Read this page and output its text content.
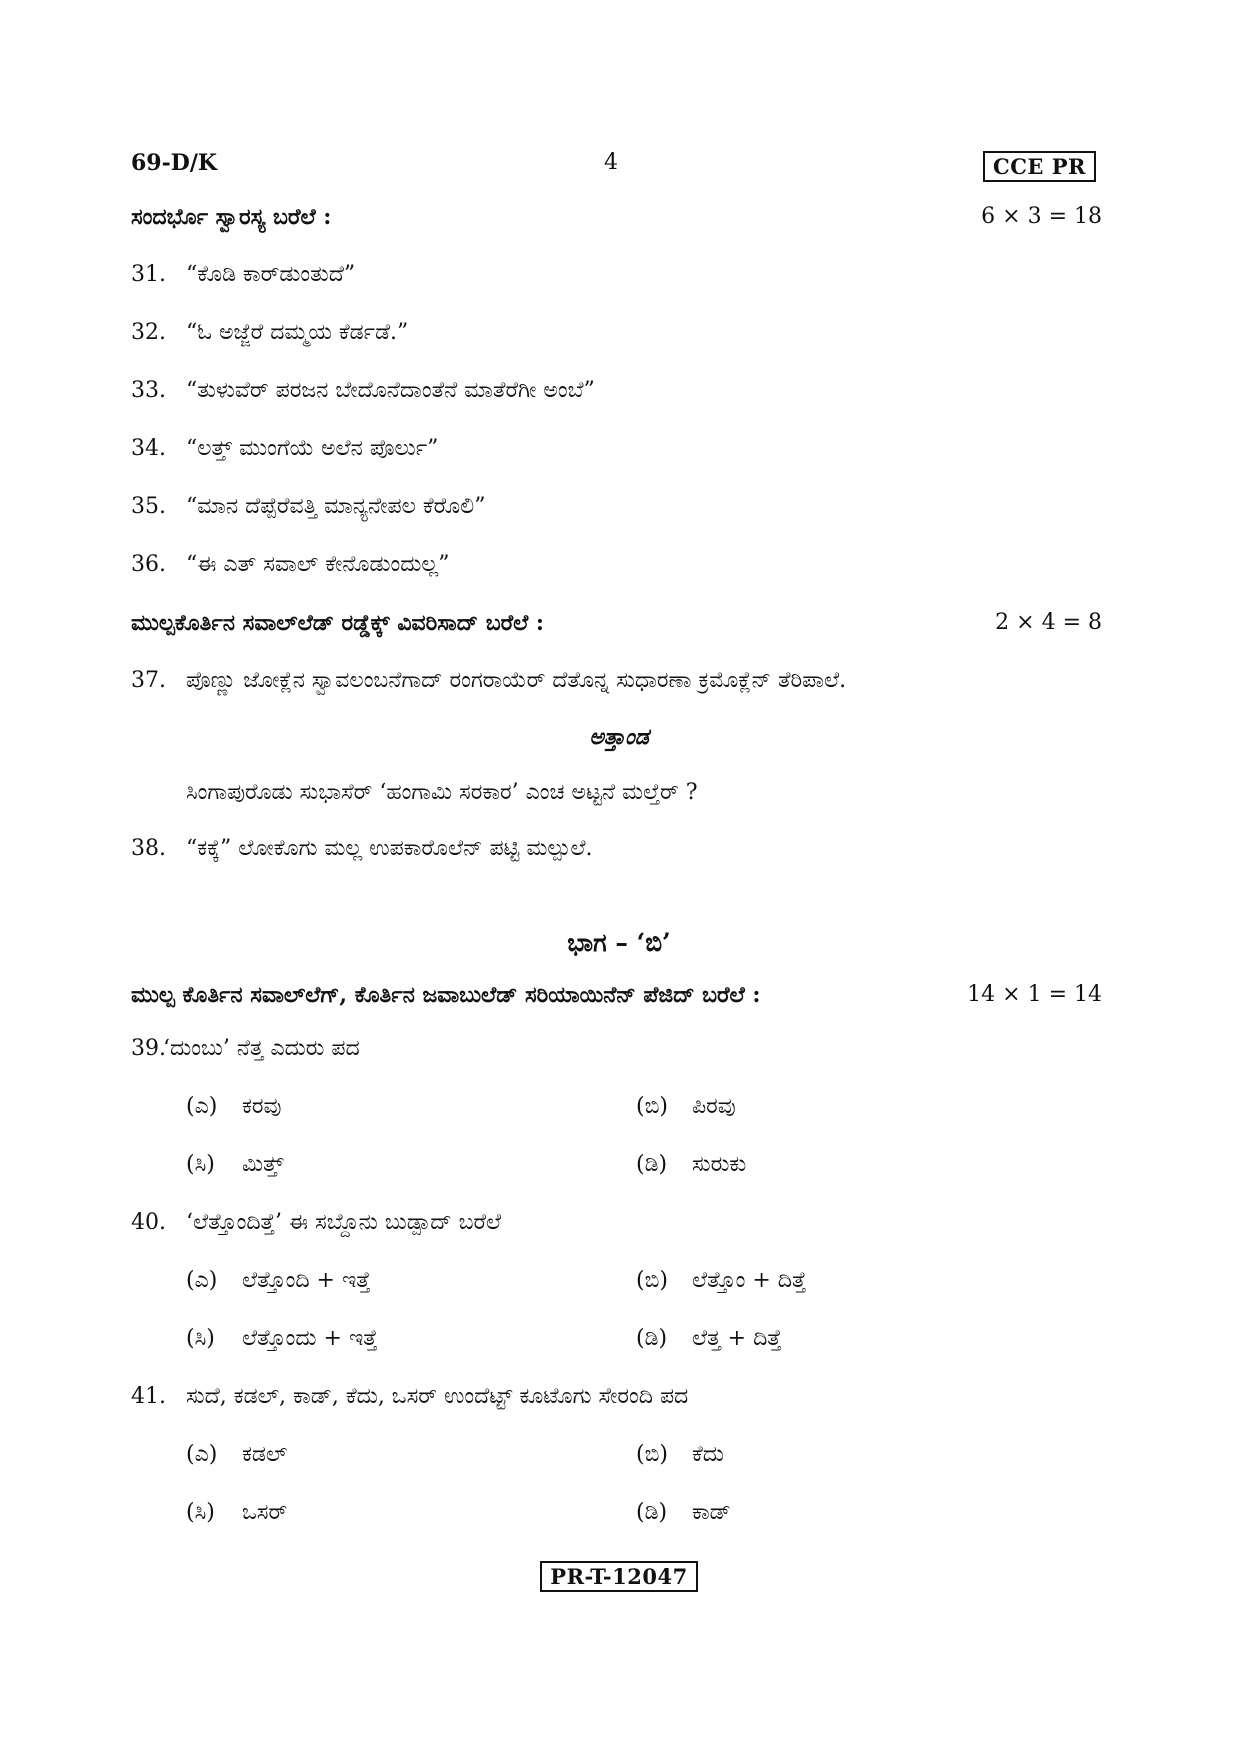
69-D/K	4	CCE PR
ಸಂದರ್ಭೊ ಸ್ವಾರಸ್ಯ ಬರೆಲೆ :	6 × 3 = 18
31. “ಕೊಡಿ ಕಾರ್‌ಡುಂತುದೆ”
32. “ಓ ಅಜ್ಜೆರೆ ದಮ್ಮಯ ಕೆರ್ಡಡೆ.”
33. “ತುಳುವೆರ್ ಪರಜನ ಬೇದೊನೆದಾಂತೆನೆ ಮಾತೆರೆಗೀ ಅಂಬೆ”
34. “ಲತ್ತ್ ಮುಂಗೆಯೆ ಅಲೆನ ಪೊರ್ಲು”
35. “ಮಾನ ದೆಪ್ಪೆರೆವತ್ತಿ ಮಾನ್ಯನೇಪಲ ಕೆರೊಲಿ”
36. “ಈ ಎತ್ ಸವಾಲ್ ಕೇನೊಡುಂದುಲ್ಲ”
ಮುಲ್ಪಕೊರ್ತಿನ ಸವಾಲ್‌ಲೆಡ್ ರಡ್ಡೆಕ್ಕ್ ವಿವರಿಸಾದ್ ಬರೆಲೆ :	2 × 4 = 8
37. ಪೊಣ್ಣು ಜೋಕ್ಲೆನ ಸ್ವಾವಲಂಬನೆಗಾದ್ ರಂಗರಾಯೆರ್ ದೆತೊನ್ನ ಸುಧಾರಣಾ ಕ್ರಮೊಕ್ಲೆನ್ ತೆರಿಪಾಲೆ.
ಅತ್ತಾಂಡ
ಸಿಂಗಾಪುರೊಡು ಸುಭಾಸೆರ್ ‘ಹಂಗಾಮಿ ಸರಕಾರ’ ಎಂಚ ಅಟ್ಟನೆ ಮಲ್ತೆರ್ ?
38. “ಕಕ್ಕೆ” ಲೋಕೊಗು ಮಲ್ಲ ಉಪಕಾರೊಲೆನ್ ಪಟ್ಟಿ ಮಲ್ಪುಲೆ.
ಭಾಗ – ‘ಬಿ’
ಮುಲ್ಪ ಕೊರ್ತಿನ ಸವಾಲ್‌ಲೆಗ್, ಕೊರ್ತಿನ ಜವಾಬುಲೆಡ್ ಸರಿಯಾಯಿನೆನ್ ಪೆಜಿದ್ ಬರೆಲೆ :	14 × 1 = 14
39.
‘ದುಂಬು’ ನೆತ್ತ ಎದುರು ಪದ
(ಎ) ಕರವು	(ಬಿ) ಪಿರವು
(ಸಿ) ಮಿತ್ತ್	(ಡಿ) ಸುರುಕು
40. ‘ಲೆತ್ತೊಂದಿತ್ತೆ’ ಈ ಸಬ್ದೊನು ಬುಡ್ಪಾದ್ ಬರೆಲೆ
(ಎ) ಲೆತ್ತೊಂದಿ + ಇತ್ತೆ	(ಬಿ) ಲೆತ್ತೊಂ + ದಿತ್ತೆ
(ಸಿ) ಲೆತ್ತೊಂದು + ಇತ್ತೆ	(ಡಿ) ಲೆತ್ತ + ದಿತ್ತೆ
41. ಸುದೆ, ಕಡಲ್, ಕಾಡ್, ಕೆದು, ಒಸರ್ ಉಂದೆಟ್ಟ್ ಕೂಟೊಗು ಸೇರಂದಿ ಪದ
(ಎ) ಕಡಲ್	(ಬಿ) ಕೆದು
(ಸಿ) ಒಸರ್	(ಡಿ) ಕಾಡ್
PR-T-12047
